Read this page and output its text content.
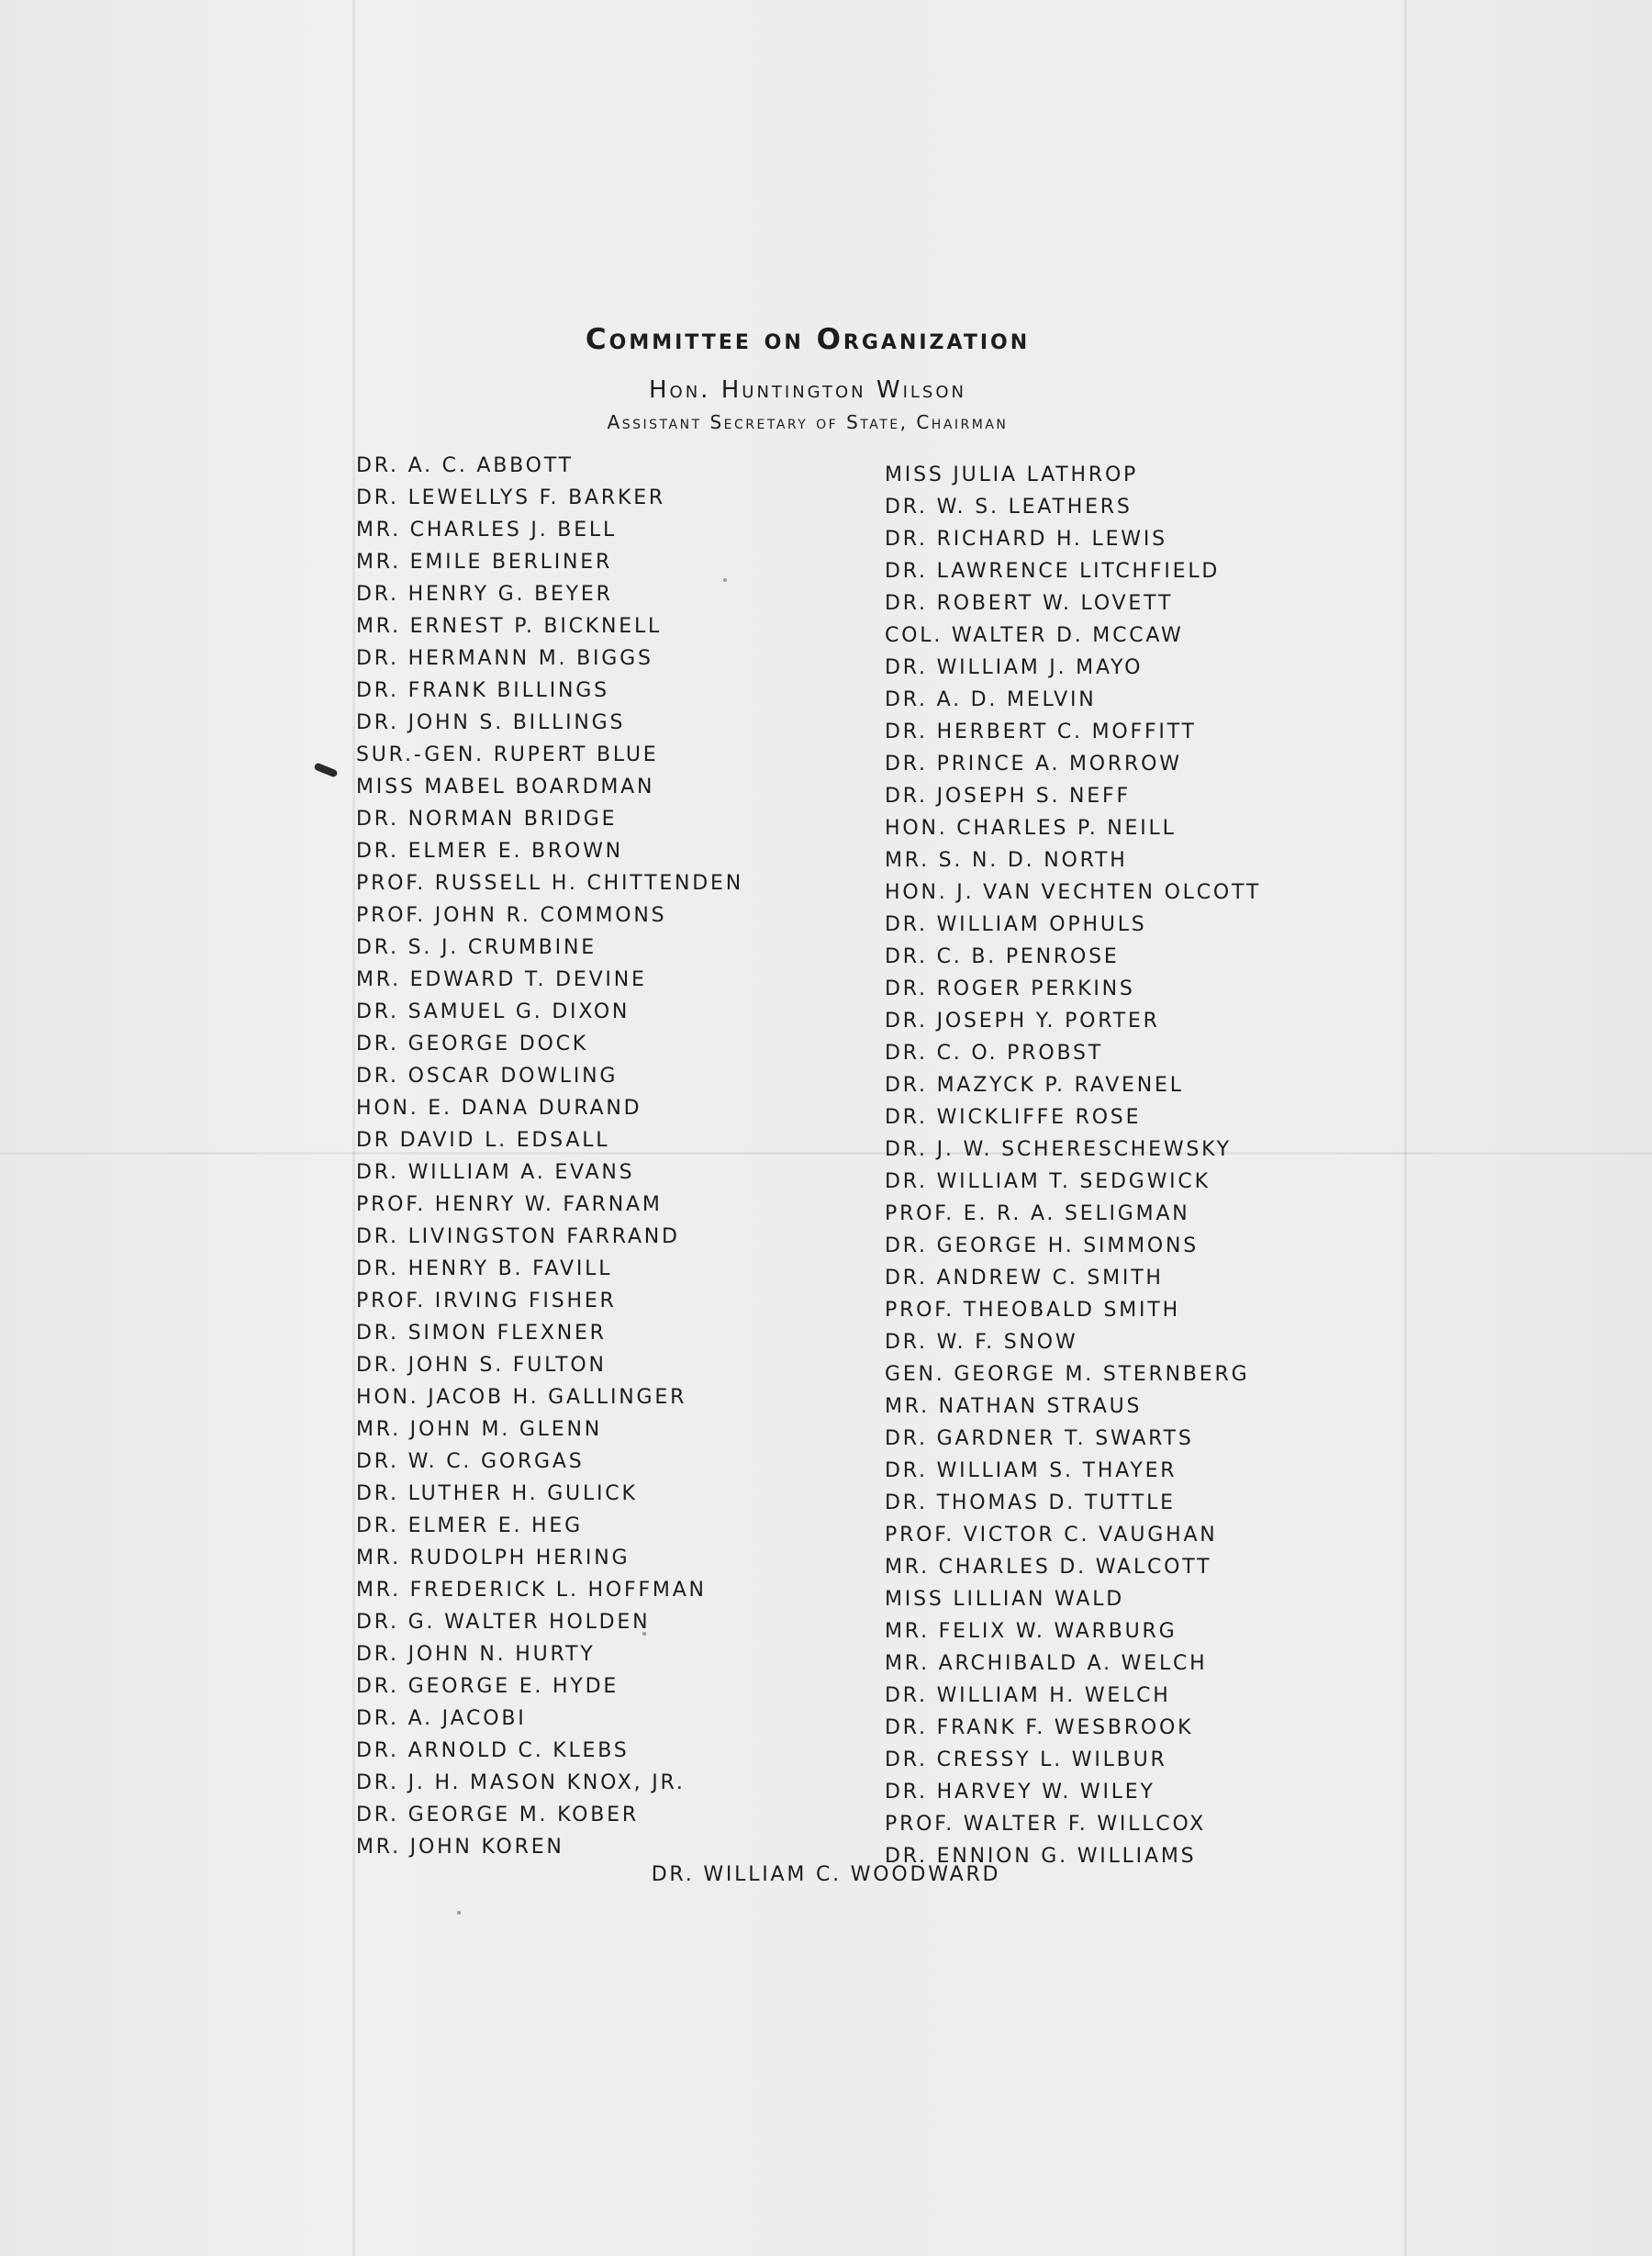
Committee on Organization
Hon. Huntington Wilson
Assistant Secretary of State, Chairman
DR. A. C. ABBOTT
DR. LEWELLYS F. BARKER
MR. CHARLES J. BELL
MR. EMILE BERLINER
DR. HENRY G. BEYER
MR. ERNEST P. BICKNELL
DR. HERMANN M. BIGGS
DR. FRANK BILLINGS
DR. JOHN S. BILLINGS
SUR.-GEN. RUPERT BLUE
MISS MABEL BOARDMAN
DR. NORMAN BRIDGE
DR. ELMER E. BROWN
PROF. RUSSELL H. CHITTENDEN
PROF. JOHN R. COMMONS
DR. S. J. CRUMBINE
MR. EDWARD T. DEVINE
DR. SAMUEL G. DIXON
DR. GEORGE DOCK
DR. OSCAR DOWLING
HON. E. DANA DURAND
DR DAVID L. EDSALL
DR. WILLIAM A. EVANS
PROF. HENRY W. FARNAM
DR. LIVINGSTON FARRAND
DR. HENRY B. FAVILL
PROF. IRVING FISHER
DR. SIMON FLEXNER
DR. JOHN S. FULTON
HON. JACOB H. GALLINGER
MR. JOHN M. GLENN
DR. W. C. GORGAS
DR. LUTHER H. GULICK
DR. ELMER E. HEG
MR. RUDOLPH HERING
MR. FREDERICK L. HOFFMAN
DR. G. WALTER HOLDEN
DR. JOHN N. HURTY
DR. GEORGE E. HYDE
DR. A. JACOBI
DR. ARNOLD C. KLEBS
DR. J. H. MASON KNOX, JR.
DR. GEORGE M. KOBER
MR. JOHN KOREN
MISS JULIA LATHROP
DR. W. S. LEATHERS
DR. RICHARD H. LEWIS
DR. LAWRENCE LITCHFIELD
DR. ROBERT W. LOVETT
COL. WALTER D. MCCAW
DR. WILLIAM J. MAYO
DR. A. D. MELVIN
DR. HERBERT C. MOFFITT
DR. PRINCE A. MORROW
DR. JOSEPH S. NEFF
HON. CHARLES P. NEILL
MR. S. N. D. NORTH
HON. J. VAN VECHTEN OLCOTT
DR. WILLIAM OPHULS
DR. C. B. PENROSE
DR. ROGER PERKINS
DR. JOSEPH Y. PORTER
DR. C. O. PROBST
DR. MAZYCK P. RAVENEL
DR. WICKLIFFE ROSE
DR. J. W. SCHERESCHEWSKY
DR. WILLIAM T. SEDGWICK
PROF. E. R. A. SELIGMAN
DR. GEORGE H. SIMMONS
DR. ANDREW C. SMITH
PROF. THEOBALD SMITH
DR. W. F. SNOW
GEN. GEORGE M. STERNBERG
MR. NATHAN STRAUS
DR. GARDNER T. SWARTS
DR. WILLIAM S. THAYER
DR. THOMAS D. TUTTLE
PROF. VICTOR C. VAUGHAN
MR. CHARLES D. WALCOTT
MISS LILLIAN WALD
MR. FELIX W. WARBURG
MR. ARCHIBALD A. WELCH
DR. WILLIAM H. WELCH
DR. FRANK F. WESBROOK
DR. CRESSY L. WILBUR
DR. HARVEY W. WILEY
PROF. WALTER F. WILLCOX
DR. ENNION G. WILLIAMS
DR. WILLIAM C. WOODWARD
